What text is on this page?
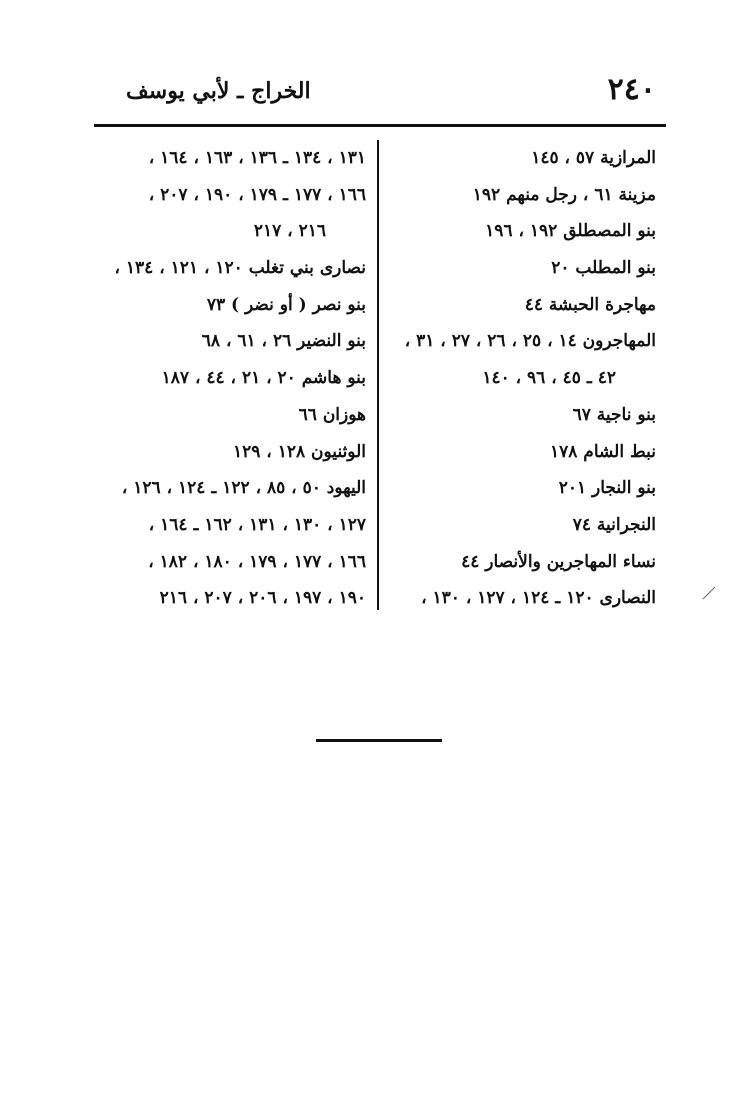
٢٤٠
الخراج ـ لأبي يوسف
المرازية ٥٧ ، ١٤٥
مزينة ٦١ ، رجل منهم ١٩٢
بنو المصطلق ١٩٢ ، ١٩٦
بنو المطلب ٢٠
مهاجرة الحبشة ٤٤
المهاجرون ١٤ ، ٢٥ ، ٢٦ ، ٢٧ ، ٣١ ،
٤٢ ـ ٤٥ ، ٩٦ ، ١٤٠
بنو ناجية ٦٧
نبط الشام ١٧٨
بنو النجار ٢٠١
النجرانية ٧٤
نساء المهاجرين والأنصار ٤٤
النصارى ١٢٠ ـ ١٢٤ ، ١٢٧ ، ١٣٠ ،
١٣١ ، ١٣٤ ـ ١٣٦ ، ١٦٣ ، ١٦٤ ،
١٦٦ ، ١٧٧ ـ ١٧٩ ، ١٩٠ ، ٢٠٧ ،
٢١٦ ، ٢١٧
نصارى بني تغلب ١٢٠ ، ١٢١ ، ١٣٤ ،
بنو نصر ( أو نضر ) ٧٣
بنو النضير ٢٦ ، ٦١ ، ٦٨
بنو هاشم ٢٠ ، ٢١ ، ٤٤ ، ١٨٧
هوزان ٦٦
الوثنيون ١٢٨ ، ١٢٩
اليهود ٥٠ ، ٨٥ ، ١٢٢ ـ ١٢٤ ، ١٢٦ ،
١٢٧ ، ١٣٠ ، ١٣١ ، ١٦٢ ـ ١٦٤ ،
١٦٦ ، ١٧٧ ، ١٧٩ ، ١٨٠ ، ١٨٢ ،
١٩٠ ، ١٩٧ ، ٢٠٦ ، ٢٠٧ ، ٢١٦
